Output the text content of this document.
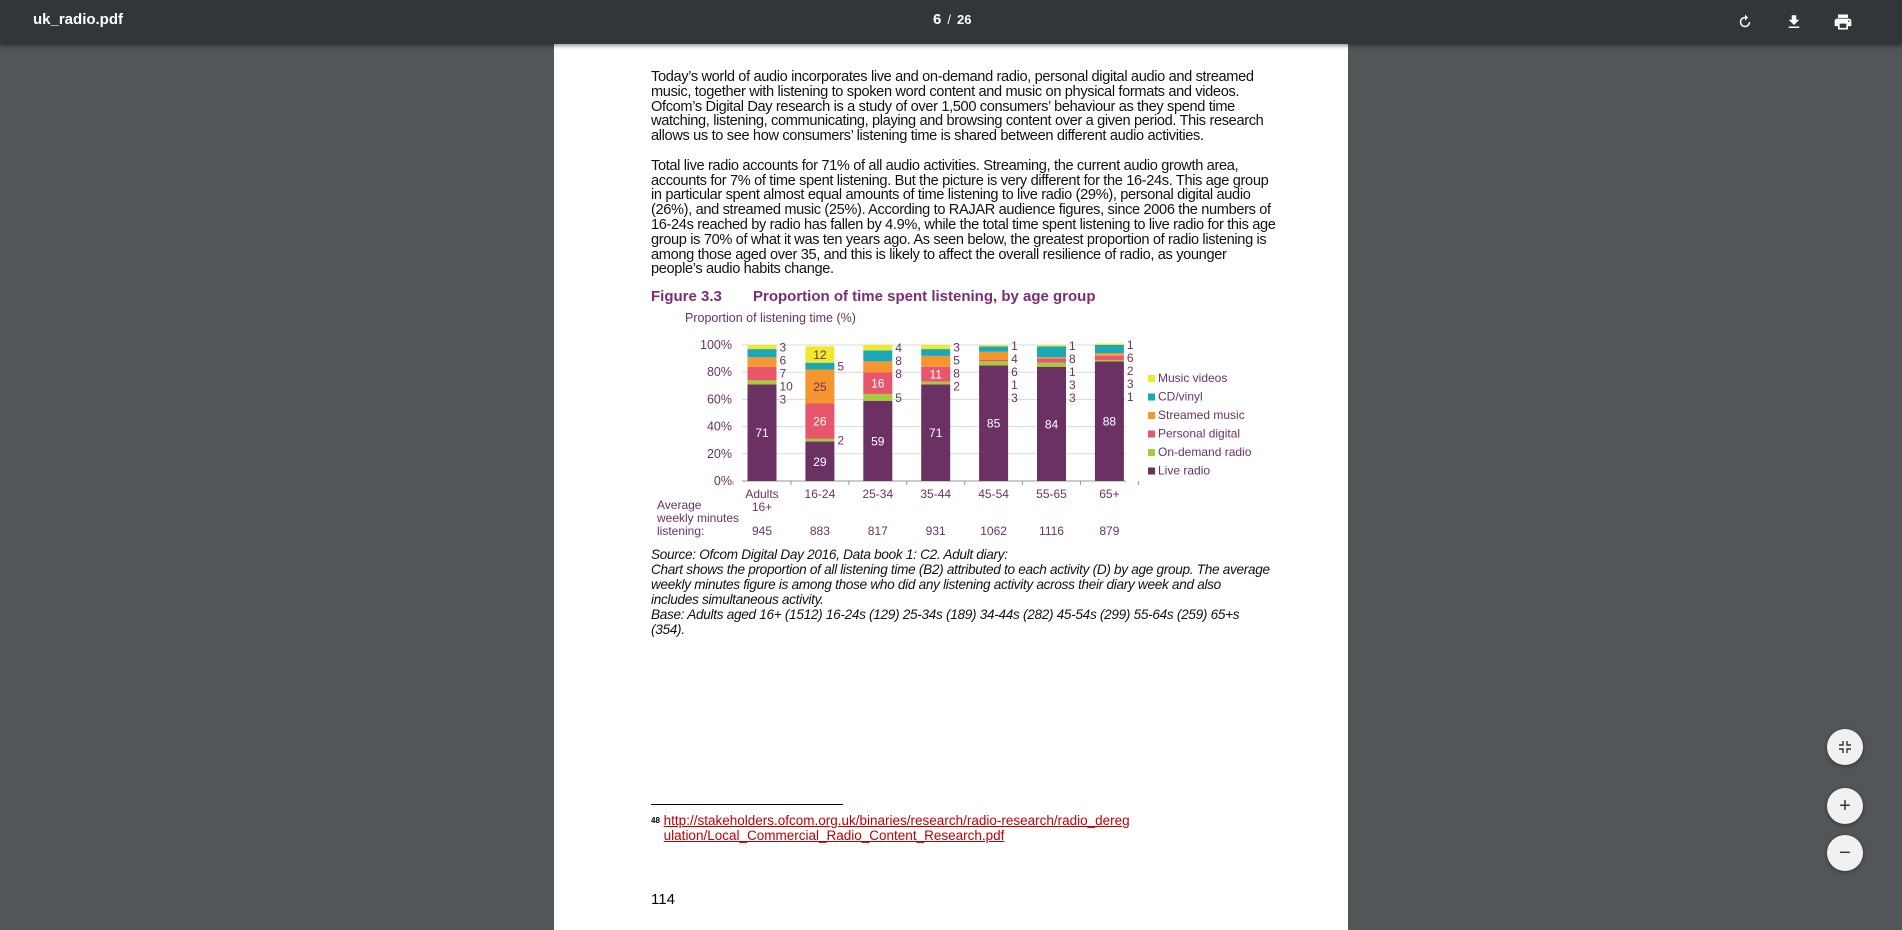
uk_radio.pdf	6 / 26
Today’s world of audio incorporates live and on-demand radio, personal digital audio and streamed music, together with listening to spoken word content and music on physical formats and videos. Ofcom’s Digital Day research is a study of over 1,500 consumers’ behaviour as they spend time watching, listening, communicating, playing and browsing content over a given period. This research allows us to see how consumers’ listening time is shared between different audio activities.
Total live radio accounts for 71% of all audio activities. Streaming, the current audio growth area, accounts for 7% of time spent listening. But the picture is very different for the 16-24s. This age group in particular spent almost equal amounts of time listening to live radio (29%), personal digital audio (26%), and streamed music (25%). According to RAJAR audience figures, since 2006 the numbers of 16-24s reached by radio has fallen by 4.9%, while the total time spent listening to live radio for this age group is 70% of what it was ten years ago. As seen below, the greatest proportion of radio listening is among those aged over 35, and this is likely to affect the overall resilience of radio, as younger people’s audio habits change.
Figure 3.3 Proportion of time spent listening, by age group
Proportion of listening time (%)
0%
20%
40%
60%
80%
100%
Adults
16+
945
16-24
883
25-34
817
35-44
931
45-54
1062
55-65
1116
65+
879
71
3
6
7
10
3
29
26
25
12
5
2 59
16
4
8
8
5
71
11
3
5
8
2
85
1
4
6
1
3
84
1
8
1
3
3
88
1
6
2
3
1
Average
weekly minutes
listening:
Music videos
CD/vinyl
Streamed music
Personal digital
On-demand radio
Live radio
Source: Ofcom Digital Day 2016, Data book 1: C2. Adult diary:
Chart shows the proportion of all listening time (B2) attributed to each activity (D) by age group. The average weekly minutes figure is among those who did any listening activity across their diary week and also includes simultaneous activity.
Base: Adults aged 16+ (1512) 16-24s (129) 25-34s (189) 34-44s (282) 45-54s (299) 55-64s (259) 65+s (354).
$^{48}$ http://stakeholders.ofcom.org.uk/binaries/research/radio-research/radio_deregulation/Local_Commercial_Radio_Content_Research.pdf
114
+
−
